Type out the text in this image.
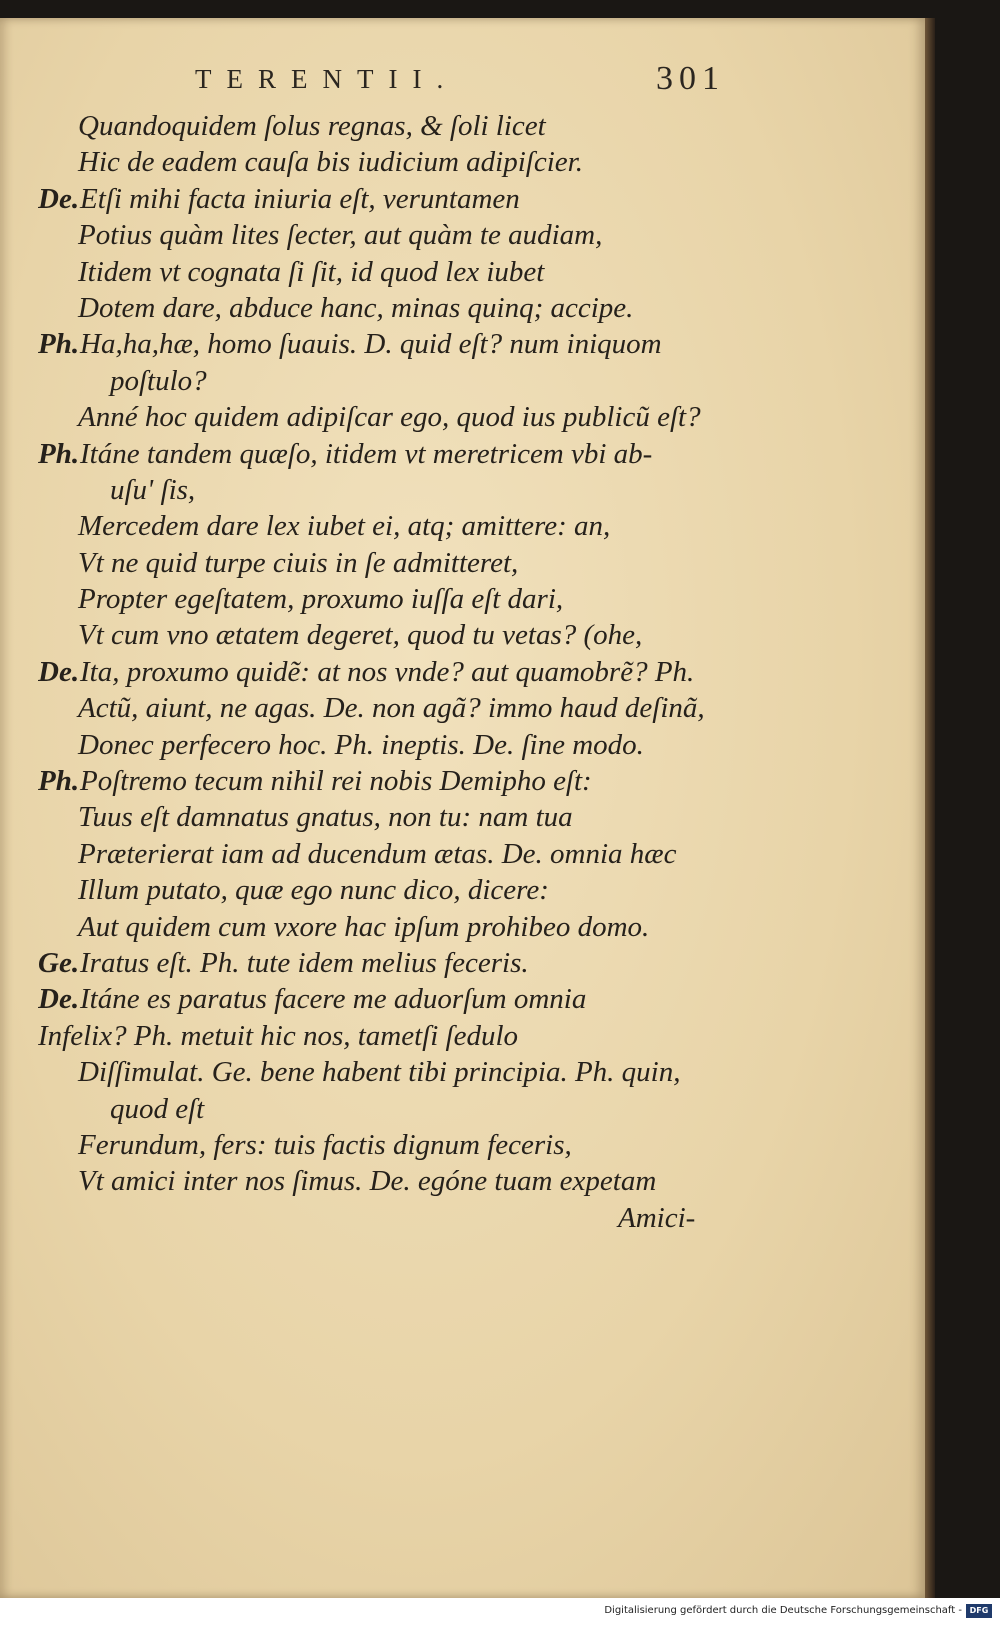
TERENTII.	301
Quandoquidem ſolus regnas, & ſoli licet
Hic de eadem cauſa bis iudicium adipiſcier.
De.Etſi mihi facta iniuria eſt, veruntamen
Potius quàm lites ſecter, aut quàm te audiam,
Itidem vt cognata ſi ſit, id quod lex iubet
Dotem dare, abduce hanc, minas quinq; accipe.
Ph.Ha,ha,hæ, homo ſuauis. D. quid eſt? num iniquom
poſtulo?
Anné hoc quidem adipiſcar ego, quod ius publicũ eſt?
Ph.Itáne tandem quæſo, itidem vt meretricem vbi ab-
uſu' ſis,
Mercedem dare lex iubet ei, atq; amittere: an,
Vt ne quid turpe ciuis in ſe admitteret,
Propter egeſtatem, proxumo iuſſa eſt dari,
Vt cum vno ætatem degeret, quod tu vetas? (ohe,
De.Ita, proxumo quidẽ: at nos vnde? aut quamobrẽ? Ph.
Actũ, aiunt, ne agas. De. non agã? immo haud deſinã,
Donec perfecero hoc. Ph. ineptis. De. ſine modo.
Ph.Poſtremo tecum nihil rei nobis Demipho eſt:
Tuus eſt damnatus gnatus, non tu: nam tua
Præterierat iam ad ducendum ætas. De. omnia hæc
Illum putato, quæ ego nunc dico, dicere:
Aut quidem cum vxore hac ipſum prohibeo domo.
Ge.Iratus eſt. Ph. tute idem melius feceris.
De.Itáne es paratus facere me aduorſum omnia
Infelix? Ph. metuit hic nos, tametſi ſedulo
Diſſimulat. Ge. bene habent tibi principia. Ph. quin,
quod eſt
Ferundum, fers: tuis factis dignum feceris,
Vt amici inter nos ſimus. De. egóne tuam expetam
Amici-
Digitalisierung gefördert durch die Deutsche Forschungsgemeinschaft - DFG
